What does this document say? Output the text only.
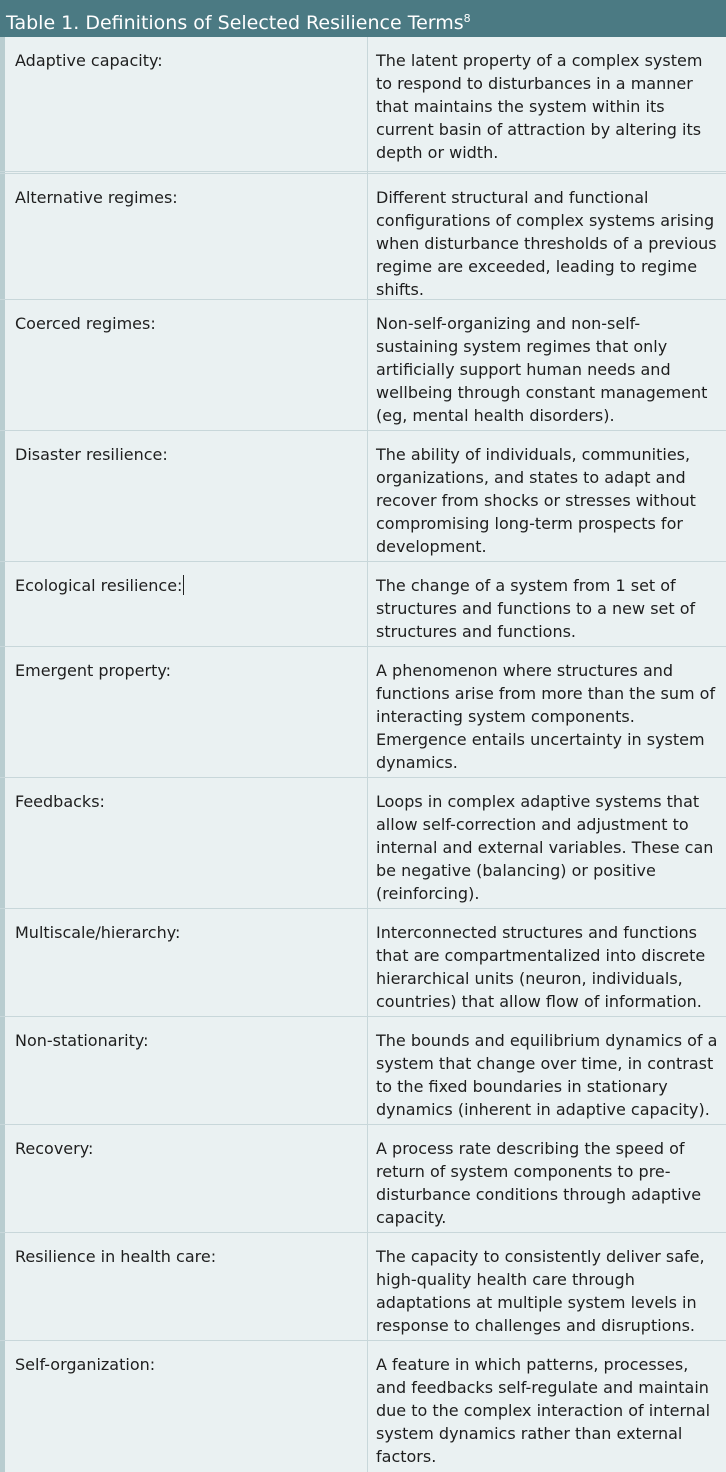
Table 1. Definitions of Selected Resilience Terms$^8$
Adaptive capacity:	The latent property of a complex system to respond to disturbances in a manner that maintains the system within its current basin of attraction by altering its depth or width.
Alternative regimes:	Different structural and functional configurations of complex systems arising when disturbance thresholds of a previous regime are exceeded, leading to regime shifts.
Coerced regimes:	Non-self-organizing and non-self-sustaining system regimes that only artificially support human needs and wellbeing through constant management (eg, mental health disorders).
Disaster resilience:	The ability of individuals, communities, organizations, and states to adapt and recover from shocks or stresses without compromising long-term prospects for development.
Ecological resilience:	The change of a system from 1 set of structures and functions to a new set of structures and functions.
Emergent property:	A phenomenon where structures and functions arise from more than the sum of interacting system components. Emergence entails uncertainty in system dynamics.
Feedbacks:	Loops in complex adaptive systems that allow self-correction and adjustment to internal and external variables. These can be negative (balancing) or positive (reinforcing).
Multiscale/hierarchy:	Interconnected structures and functions that are compartmentalized into discrete hierarchical units (neuron, individuals, countries) that allow flow of information.
Non-stationarity:	The bounds and equilibrium dynamics of a system that change over time, in contrast to the fixed boundaries in stationary dynamics (inherent in adaptive capacity).
Recovery:	A process rate describing the speed of return of system components to pre-disturbance conditions through adaptive capacity.
Resilience in health care:	The capacity to consistently deliver safe, high-quality health care through adaptations at multiple system levels in response to challenges and disruptions.
Self-organization:	A feature in which patterns, processes, and feedbacks self-regulate and maintain due to the complex interaction of internal system dynamics rather than external factors.
